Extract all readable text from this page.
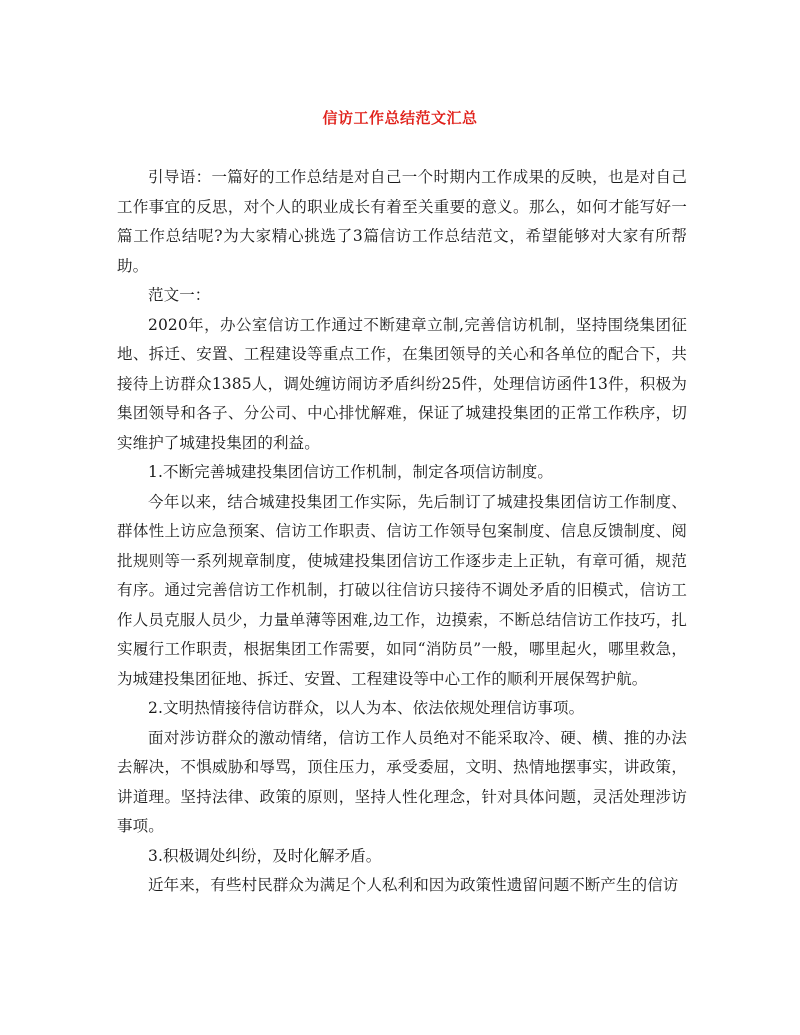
信访工作总结范文汇总

引导语：一篇好的工作总结是对自己一个时期内工作成果的反映，也是对自己工作事宜的反思，对个人的职业成长有着至关重要的意义。那么，如何才能写好一篇工作总结呢?为大家精心挑选了3篇信访工作总结范文，希望能够对大家有所帮助。

范文一：

2020年，办公室信访工作通过不断建章立制,完善信访机制，坚持围绕集团征地、拆迁、安置、工程建设等重点工作，在集团领导的关心和各单位的配合下，共接待上访群众1385人，调处缠访闹访矛盾纠纷25件，处理信访函件13件，积极为集团领导和各子、分公司、中心排忧解难，保证了城建投集团的正常工作秩序，切实维护了城建投集团的利益。

1.不断完善城建投集团信访工作机制，制定各项信访制度。

今年以来，结合城建投集团工作实际，先后制订了城建投集团信访工作制度、群体性上访应急预案、信访工作职责、信访工作领导包案制度、信息反馈制度、阅批规则等一系列规章制度，使城建投集团信访工作逐步走上正轨，有章可循，规范有序。通过完善信访工作机制，打破以往信访只接待不调处矛盾的旧模式，信访工作人员克服人员少，力量单薄等困难,边工作，边摸索，不断总结信访工作技巧，扎实履行工作职责，根据集团工作需要，如同“消防员”一般，哪里起火，哪里救急，为城建投集团征地、拆迁、安置、工程建设等中心工作的顺利开展保驾护航。

2.文明热情接待信访群众，以人为本、依法依规处理信访事项。

面对涉访群众的激动情绪，信访工作人员绝对不能采取冷、硬、横、推的办法去解决，不惧威胁和辱骂，顶住压力，承受委屈，文明、热情地摆事实，讲政策，讲道理。坚持法律、政策的原则，坚持人性化理念，针对具体问题，灵活处理涉访事项。

3.积极调处纠纷，及时化解矛盾。

近年来，有些村民群众为满足个人私利和因为政策性遗留问题不断产生的信访
